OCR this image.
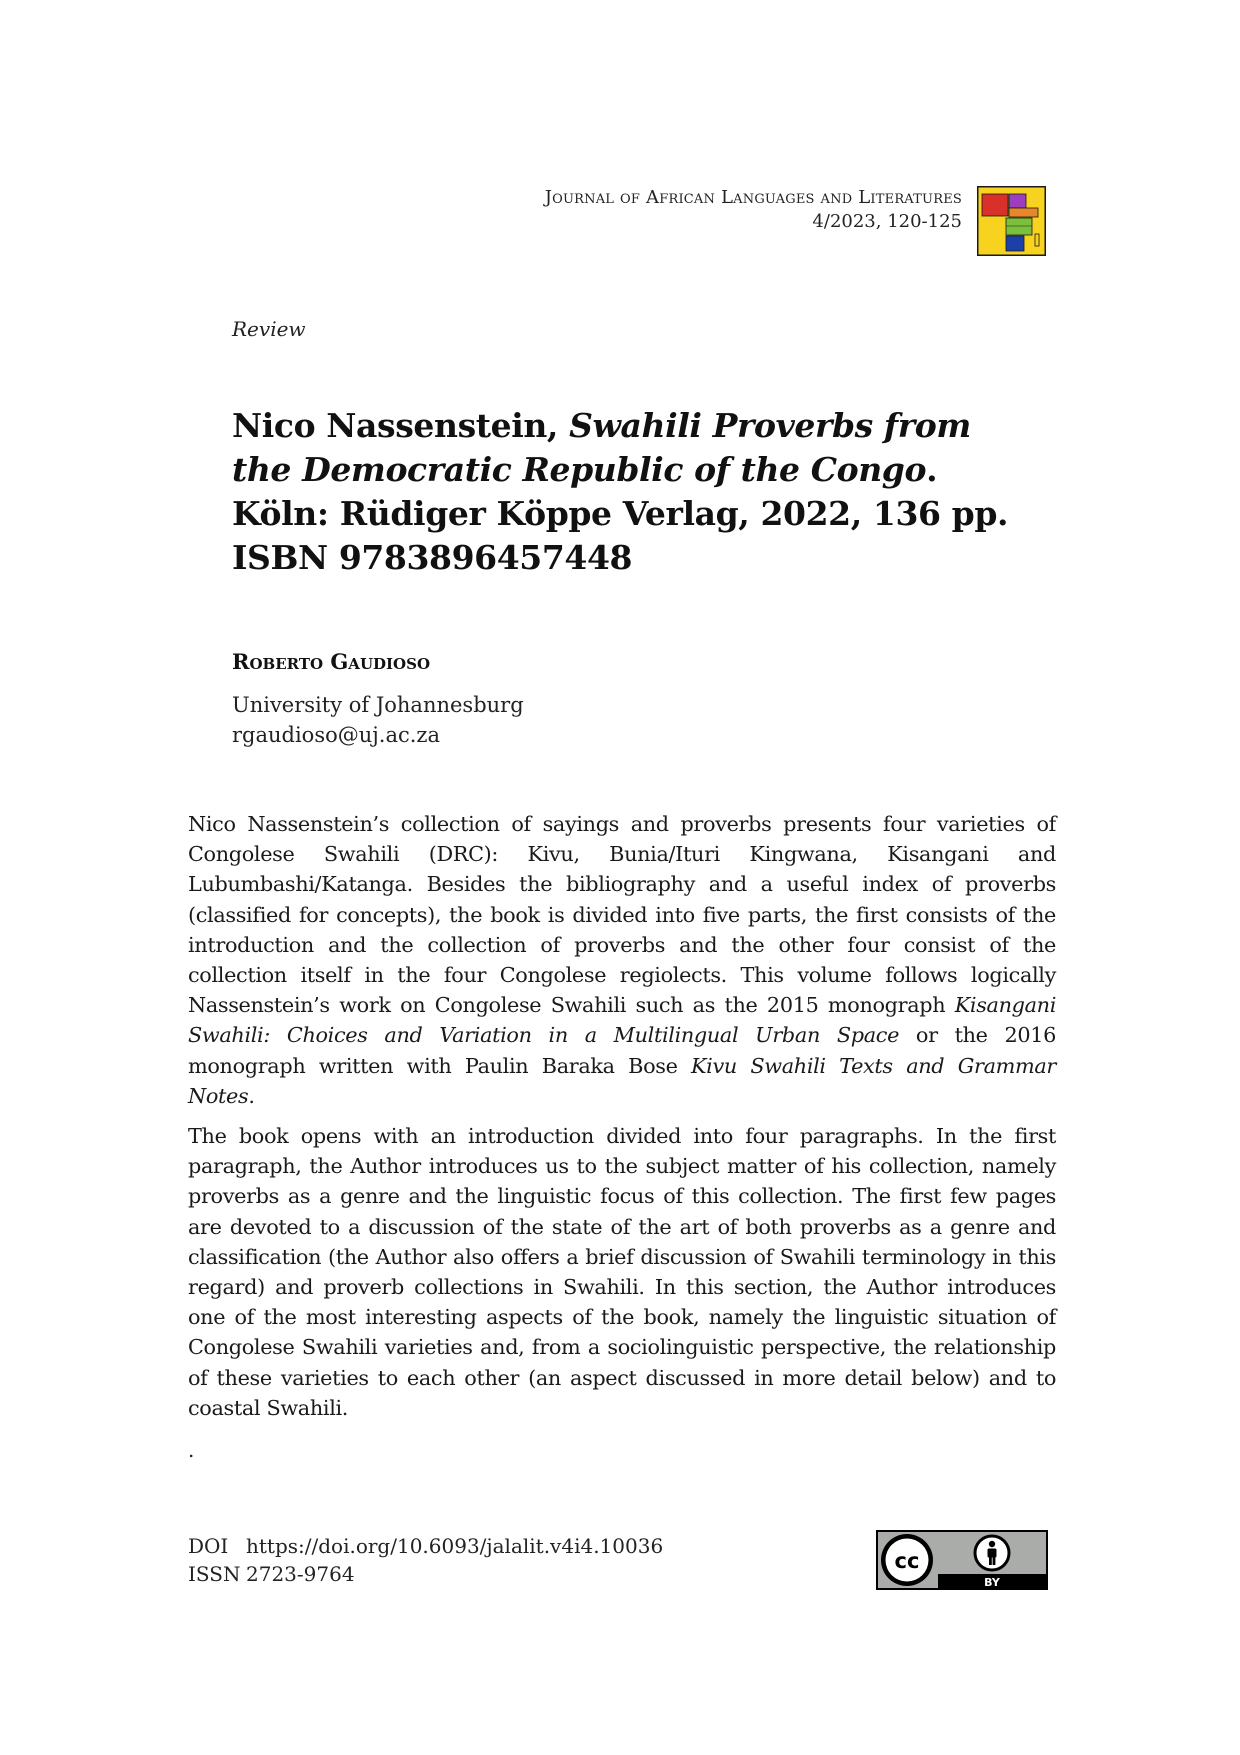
Journal of African Languages and Literatures
4/2023, 120-125
Review
Nico Nassenstein, Swahili Proverbs from the Democratic Republic of the Congo. Köln: Rüdiger Köppe Verlag, 2022, 136 pp.
ISBN 9783896457448
Roberto Gaudioso
University of Johannesburg
rgaudioso@uj.ac.za

Nico Nassenstein’s collection of sayings and proverbs presents four varieties of Congolese Swahili (DRC): Kivu, Bunia/Ituri Kingwana, Kisangani and Lubumbashi/Katanga. Besides the bibliography and a useful index of proverbs (classified for concepts), the book is divided into five parts, the first consists of the introduction and the collection of proverbs and the other four consist of the collection itself in the four Congolese regiolects. This volume follows logically Nassenstein’s work on Congolese Swahili such as the 2015 monograph Kisangani Swahili: Choices and Variation in a Multilingual Urban Space or the 2016 monograph written with Paulin Baraka Bose Kivu Swahili Texts and Grammar Notes.

The book opens with an introduction divided into four paragraphs. In the first paragraph, the Author introduces us to the subject matter of his collection, namely proverbs as a genre and the linguistic focus of this collection. The first few pages are devoted to a discussion of the state of the art of both proverbs as a genre and classification (the Author also offers a brief discussion of Swahili terminology in this regard) and proverb collections in Swahili. In this section, the Author introduces one of the most interesting aspects of the book, namely the linguistic situation of Congolese Swahili varieties and, from a sociolinguistic perspective, the relationship of these varieties to each other (an aspect discussed in more detail below) and to coastal Swahili.

.
DOI https://doi.org/10.6093/jalalit.v4i4.10036
ISSN 2723-9764
cc
BY
